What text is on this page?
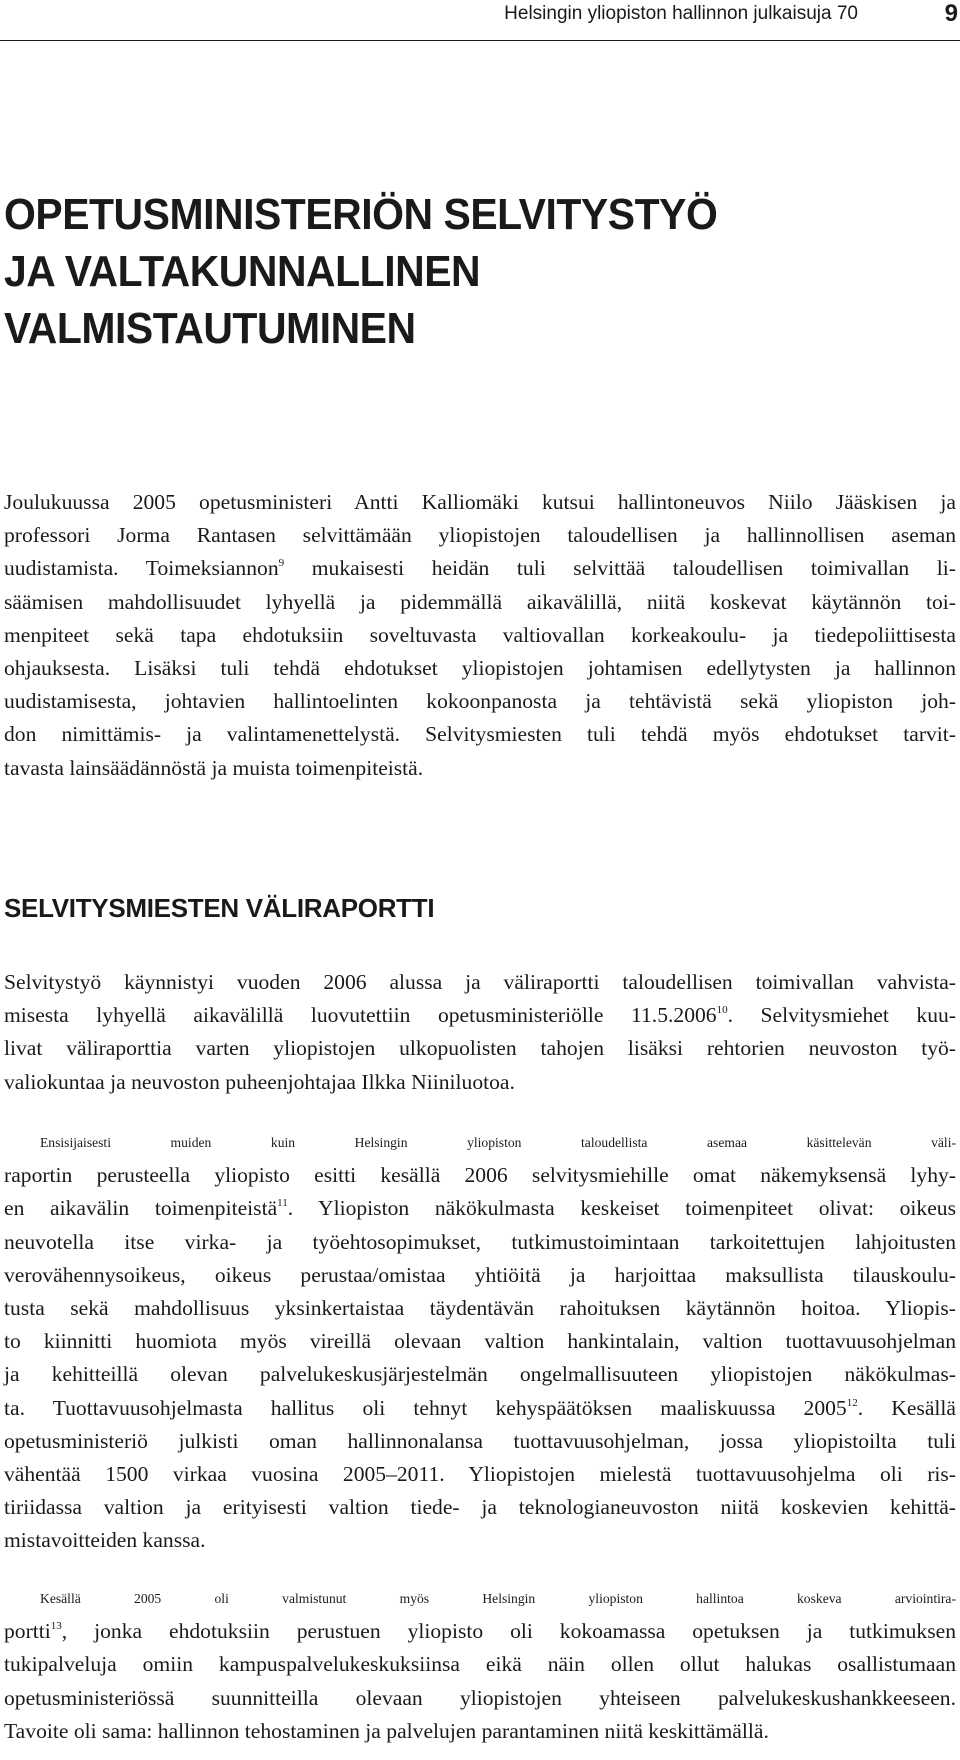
Helsingin yliopiston hallinnon julkaisuja 70	9
OPETUSMINISTERIÖN SELVITYSTYÖ
JA VALTAKUNNALLINEN
VALMISTAUTUMINEN

Joulukuussa 2005 opetusministeri Antti Kalliomäki kutsui hallintoneuvos Niilo Jääskisen ja
professori Jorma Rantasen selvittämään yliopistojen taloudellisen ja hallinnollisen aseman
uudistamista. Toimeksiannon$^9$ mukaisesti heidän tuli selvittää taloudellisen toimivallan li-
säämisen mahdollisuudet lyhyellä ja pidemmällä aikavälillä, niitä koskevat käytännön toi-
menpiteet sekä tapa ehdotuksiin soveltuvasta valtiovallan korkeakoulu- ja tiedepoliittisesta
ohjauksesta. Lisäksi tuli tehdä ehdotukset yliopistojen johtamisen edellytysten ja hallinnon
uudistamisesta, johtavien hallintoelinten kokoonpanosta ja tehtävistä sekä yliopiston joh-
don nimittämis- ja valintamenettelystä. Selvitysmiesten tuli tehdä myös ehdotukset tarvit-
tavasta lainsäädännöstä ja muista toimenpiteistä.

SELVITYSMIESTEN VÄLIRAPORTTI

Selvitystyö käynnistyi vuoden 2006 alussa ja väliraportti taloudellisen toimivallan vahvista-
misesta lyhyellä aikavälillä luovutettiin opetusministeriölle 11.5.2006$^{10}$. Selvitysmiehet kuu-
livat väliraporttia varten yliopistojen ulkopuolisten tahojen lisäksi rehtorien neuvoston työ-
valiokuntaa ja neuvoston puheenjohtajaa Ilkka Niiniluotoa.

Ensisijaisesti muiden kuin Helsingin yliopiston taloudellista asemaa käsittelevän väli-
raportin perusteella yliopisto esitti kesällä 2006 selvitysmiehille omat näkemyksensä lyhy-
en aikavälin toimenpiteistä$^{11}$. Yliopiston näkökulmasta keskeiset toimenpiteet olivat: oikeus
neuvotella itse virka- ja työehtosopimukset, tutkimustoimintaan tarkoitettujen lahjoitusten
verovähennysoikeus, oikeus perustaa/omistaa yhtiöitä ja harjoittaa maksullista tilauskoulu-
tusta sekä mahdollisuus yksinkertaistaa täydentävän rahoituksen käytännön hoitoa. Yliopis-
to kiinnitti huomiota myös vireillä olevaan valtion hankintalain, valtion tuottavuusohjelman
ja kehitteillä olevan palvelukeskusjärjestelmän ongelmallisuuteen yliopistojen näkökulmas-
ta. Tuottavuusohjelmasta hallitus oli tehnyt kehyspäätöksen maaliskuussa 2005$^{12}$. Kesällä
opetusministeriö julkisti oman hallinnonalansa tuottavuusohjelman, jossa yliopistoilta tuli
vähentää 1500 virkaa vuosina 2005–2011. Yliopistojen mielestä tuottavuusohjelma oli ris-
tiriidassa valtion ja erityisesti valtion tiede- ja teknologianeuvoston niitä koskevien kehittä-
mistavoitteiden kanssa.

Kesällä 2005 oli valmistunut myös Helsingin yliopiston hallintoa koskeva arviointira-
portti$^{13}$, jonka ehdotuksiin perustuen yliopisto oli kokoamassa opetuksen ja tutkimuksen
tukipalveluja omiin kampuspalvelukeskuksiinsa eikä näin ollen ollut halukas osallistumaan
opetusministeriössä suunnitteilla olevaan yliopistojen yhteiseen palvelukeskushankkeeseen.
Tavoite oli sama: hallinnon tehostaminen ja palvelujen parantaminen niitä keskittämällä.
